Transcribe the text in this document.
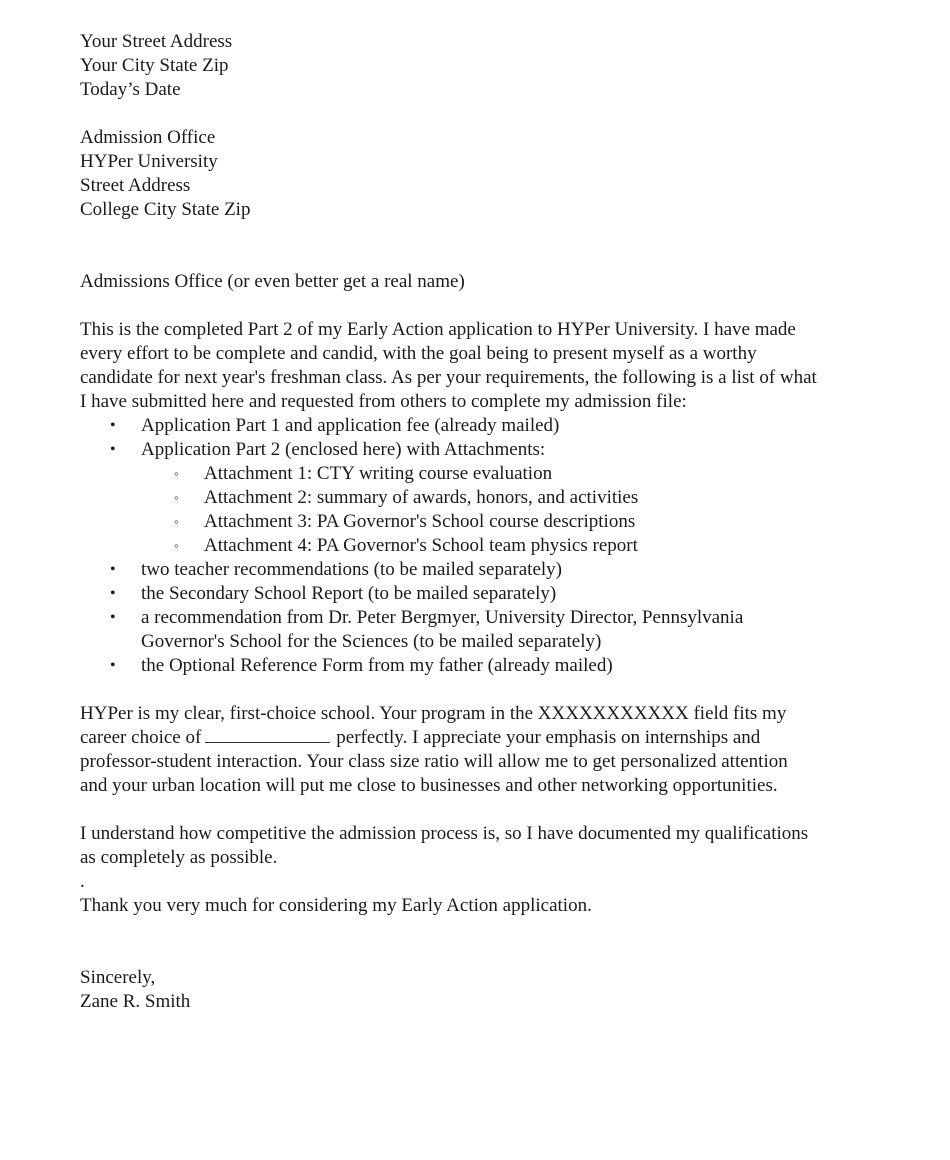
Your Street Address
Your City State Zip
Today’s Date
Admission Office
HYPer University
Street Address
College City State Zip
Admissions Office (or even better get a real name)
This is the completed Part 2 of my Early Action application to HYPer University. I have made
every effort to be complete and candid, with the goal being to present myself as a worthy
candidate for next year's freshman class. As per your requirements, the following is a list of what
I have submitted here and requested from others to complete my admission file:
• Application Part 1 and application fee (already mailed)
• Application Part 2 (enclosed here) with Attachments:
◦ Attachment 1: CTY writing course evaluation
◦ Attachment 2: summary of awards, honors, and activities
◦ Attachment 3: PA Governor's School course descriptions
◦ Attachment 4: PA Governor's School team physics report
• two teacher recommendations (to be mailed separately)
• the Secondary School Report (to be mailed separately)
• a recommendation from Dr. Peter Bergmyer, University Director, Pennsylvania
Governor's School for the Sciences (to be mailed separately)
• the Optional Reference Form from my father (already mailed)
HYPer is my clear, first-choice school. Your program in the XXXXXXXXXXX field fits my
career choice of	perfectly. I appreciate your emphasis on internships and
professor-student interaction. Your class size ratio will allow me to get personalized attention
and your urban location will put me close to businesses and other networking opportunities.
I understand how competitive the admission process is, so I have documented my qualifications
as completely as possible.
.
Thank you very much for considering my Early Action application.
Sincerely,
Zane R. Smith
